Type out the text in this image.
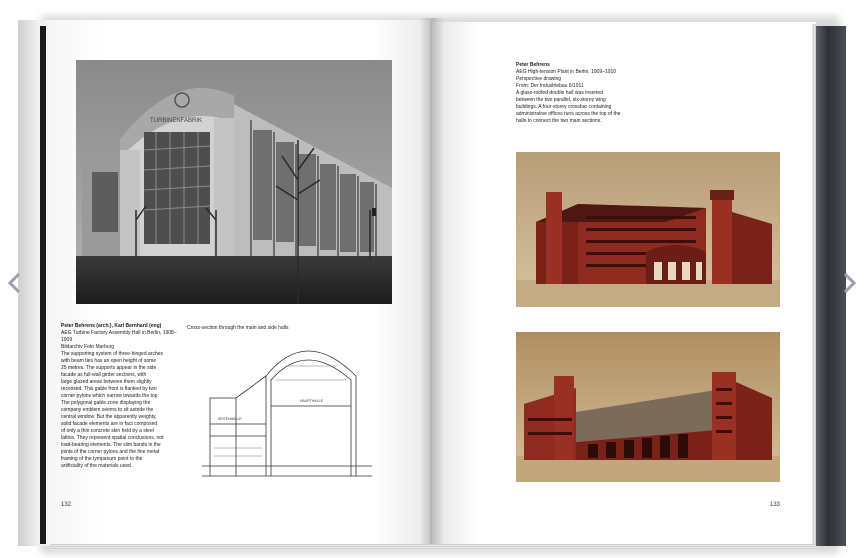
TURBINENFABRIK
Peter Behrens (arch.), Karl Bernhard (eng)
AEG Turbine Factory Assembly Hall in Berlin, 1908–1909
Bildarchiv Foto Marburg
The supporting system of three-hinged arches
with beam ties has an open height of some
25 metres. The supports appear in the side
facade as full-wall girder sections, with
large glazed areas between them slightly
recessed. This gable front is flanked by two
corner pylons which narrow towards the top.
The polygonal gable zone displaying the
company emblem seems to sit astride the
central window. But the apparently weighty,
solid facade elements are in fact composed
of only a thin concrete skin held by a steel
lattice. They represent spatial conclusions, not
load-bearing elements. The slim bands in the
joints of the corner pylons and the fine metal
framing of the tympanum point to the
artificiality of the materials used.
Cross-section through the main and side halls
SEITENHALLE
HAUPTHALLE
132
Peter Behrens
AEG High-tension Plant in Berlin, 1909–1910
Perspective drawing
From: Der Industriebau 6/1911
A glass-roofed double hall was inserted
between the two parallel, six-storey wing
buildings. A four-storey crossbar containing
administrative offices runs across the top of the
halls to connect the two main sections.
133
